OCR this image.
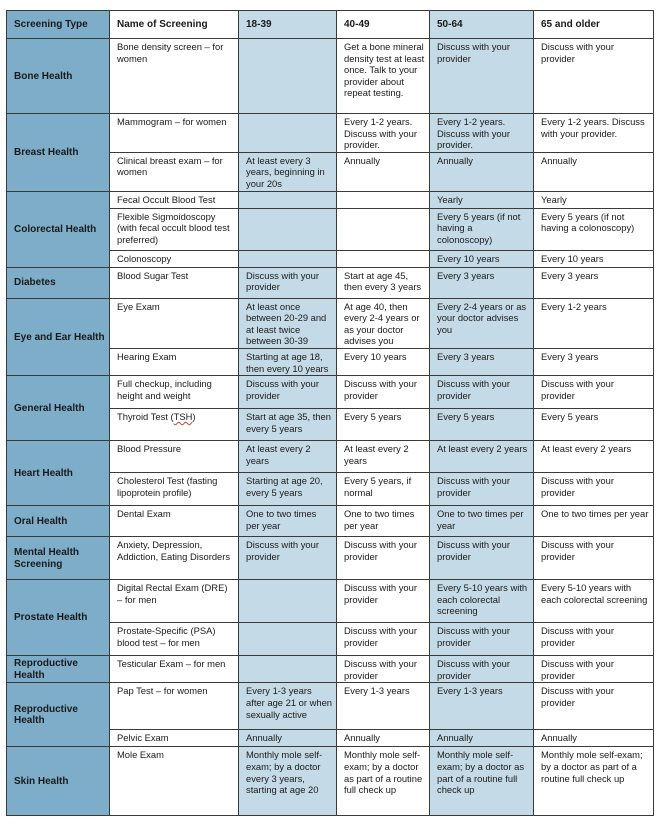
Screening Type	Name of Screening	18-39	40-49	50-64	65 and older
Bone Health	Bone density screen – for women		Get a bone mineral density test at least once. Talk to your provider about repeat testing.	Discuss with your provider	Discuss with your provider
Breast Health	Mammogram – for women		Every 1-2 years. Discuss with your provider.	Every 1-2 years. Discuss with your provider.	Every 1-2 years. Discuss with your provider.
	Clinical breast exam – for women	At least every 3 years, beginning in your 20s	Annually	Annually	Annually
Colorectal Health	Fecal Occult Blood Test			Yearly	Yearly
	Flexible Sigmoidoscopy (with fecal occult blood test preferred)			Every 5 years (if not having a colonoscopy)	Every 5 years (if not having a colonoscopy)
	Colonoscopy			Every 10 years	Every 10 years
Diabetes	Blood Sugar Test	Discuss with your provider	Start at age 45, then every 3 years	Every 3 years	Every 3 years
Eye and Ear Health	Eye Exam	At least once between 20-29 and at least twice between 30-39	At age 40, then every 2-4 years or as your doctor advises you	Every 2-4 years or as your doctor advises you	Every 1-2 years
	Hearing Exam	Starting at age 18, then every 10 years	Every 10 years	Every 3 years	Every 3 years
General Health	Full checkup, including height and weight	Discuss with your provider	Discuss with your provider	Discuss with your provider	Discuss with your provider
	Thyroid Test (TSH)	Start at age 35, then every 5 years	Every 5 years	Every 5 years	Every 5 years
Heart Health	Blood Pressure	At least every 2 years	At least every 2 years	At least every 2 years	At least every 2 years
	Cholesterol Test (fasting lipoprotein profile)	Starting at age 20, every 5 years	Every 5 years, if normal	Discuss with your provider	Discuss with your provider
Oral Health	Dental Exam	One to two times per year	One to two times per year	One to two times per year	One to two times per year
Mental Health Screening	Anxiety, Depression, Addiction, Eating Disorders	Discuss with your provider	Discuss with your provider	Discuss with your provider	Discuss with your provider
Prostate Health	Digital Rectal Exam (DRE) – for men		Discuss with your provider	Every 5-10 years with each colorectal screening	Every 5-10 years with each colorectal screening
	Prostate-Specific (PSA) blood test – for men		Discuss with your provider	Discuss with your provider	Discuss with your provider
Reproductive Health	Testicular Exam – for men		Discuss with your provider	Discuss with your provider	Discuss with your provider
Reproductive Health	Pap Test – for women	Every 1-3 years after age 21 or when sexually active	Every 1-3 years	Every 1-3 years	Discuss with your provider
	Pelvic Exam	Annually	Annually	Annually	Annually
Skin Health	Mole Exam	Monthly mole self-exam; by a doctor every 3 years, starting at age 20	Monthly mole self-exam; by a doctor as part of a routine full check up	Monthly mole self-exam; by a doctor as part of a routine full check up	Monthly mole self-exam; by a doctor as part of a routine full check up
